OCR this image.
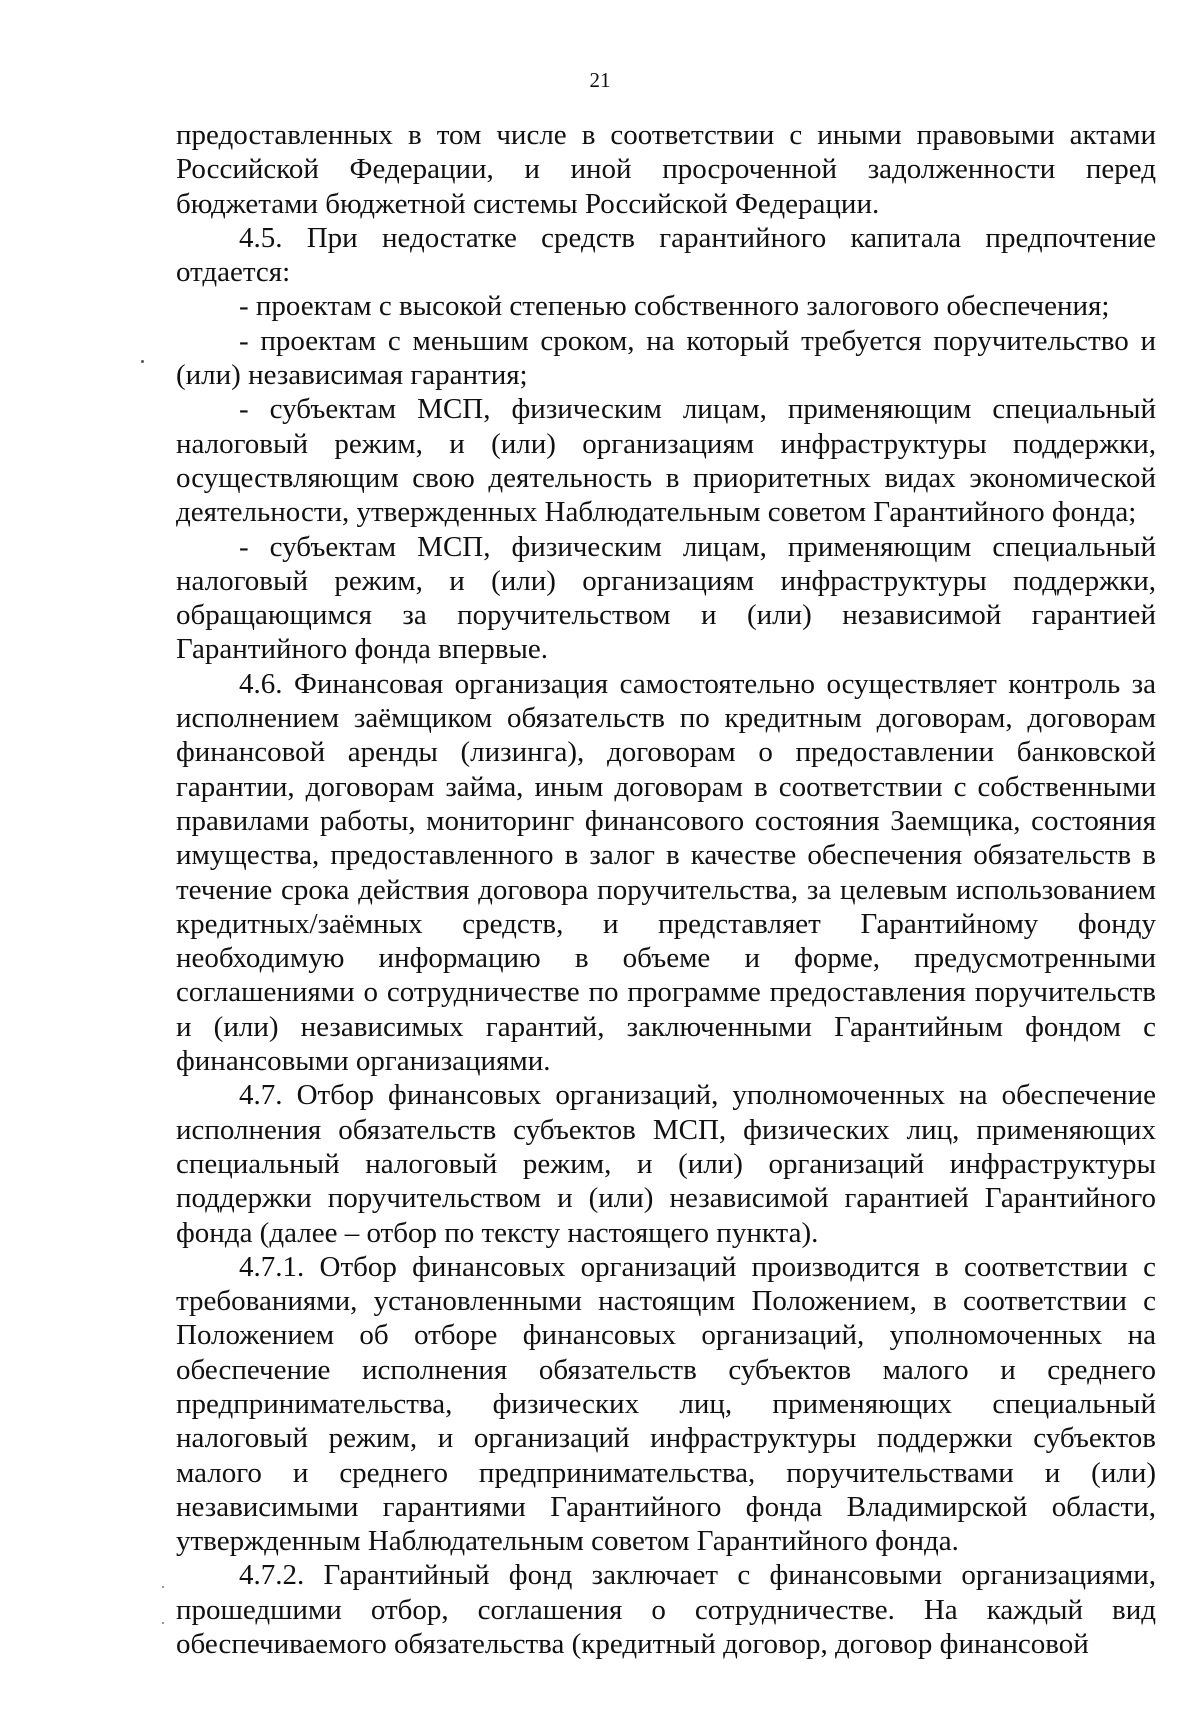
21

предоставленных в том числе в соответствии с иными правовыми актами Российской Федерации, и иной просроченной задолженности перед бюджетами бюджетной системы Российской Федерации.

4.5. При недостатке средств гарантийного капитала предпочтение отдается:

- проектам с высокой степенью собственного залогового обеспечения;

- проектам с меньшим сроком, на который требуется поручительство и (или) независимая гарантия;

- субъектам МСП, физическим лицам, применяющим специальный налоговый режим, и (или) организациям инфраструктуры поддержки, осуществляющим свою деятельность в приоритетных видах экономической деятельности, утвержденных Наблюдательным советом Гарантийного фонда;

- субъектам МСП, физическим лицам, применяющим специальный налоговый режим, и (или) организациям инфраструктуры поддержки, обращающимся за поручительством и (или) независимой гарантией Гарантийного фонда впервые.

4.6. Финансовая организация самостоятельно осуществляет контроль за исполнением заёмщиком обязательств по кредитным договорам, договорам финансовой аренды (лизинга), договорам о предоставлении банковской гарантии, договорам займа, иным договорам в соответствии с собственными правилами работы, мониторинг финансового состояния Заемщика, состояния имущества, предоставленного в залог в качестве обеспечения обязательств в течение срока действия договора поручительства, за целевым использованием кредитных/заёмных средств, и представляет Гарантийному фонду необходимую информацию в объеме и форме, предусмотренными соглашениями о сотрудничестве по программе предоставления поручительств и (или) независимых гарантий, заключенными Гарантийным фондом с финансовыми организациями.

4.7. Отбор финансовых организаций, уполномоченных на обеспечение исполнения обязательств субъектов МСП, физических лиц, применяющих специальный налоговый режим, и (или) организаций инфраструктуры поддержки поручительством и (или) независимой гарантией Гарантийного фонда (далее – отбор по тексту настоящего пункта).

4.7.1. Отбор финансовых организаций производится в соответствии с требованиями, установленными настоящим Положением, в соответствии с Положением об отборе финансовых организаций, уполномоченных на обеспечение исполнения обязательств субъектов малого и среднего предпринимательства, физических лиц, применяющих специальный налоговый режим, и организаций инфраструктуры поддержки субъектов малого и среднего предпринимательства, поручительствами и (или) независимыми гарантиями Гарантийного фонда Владимирской области, утвержденным Наблюдательным советом Гарантийного фонда.

4.7.2. Гарантийный фонд заключает с финансовыми организациями, прошедшими отбор, соглашения о сотрудничестве. На каждый вид обеспечиваемого обязательства (кредитный договор, договор финансовой
